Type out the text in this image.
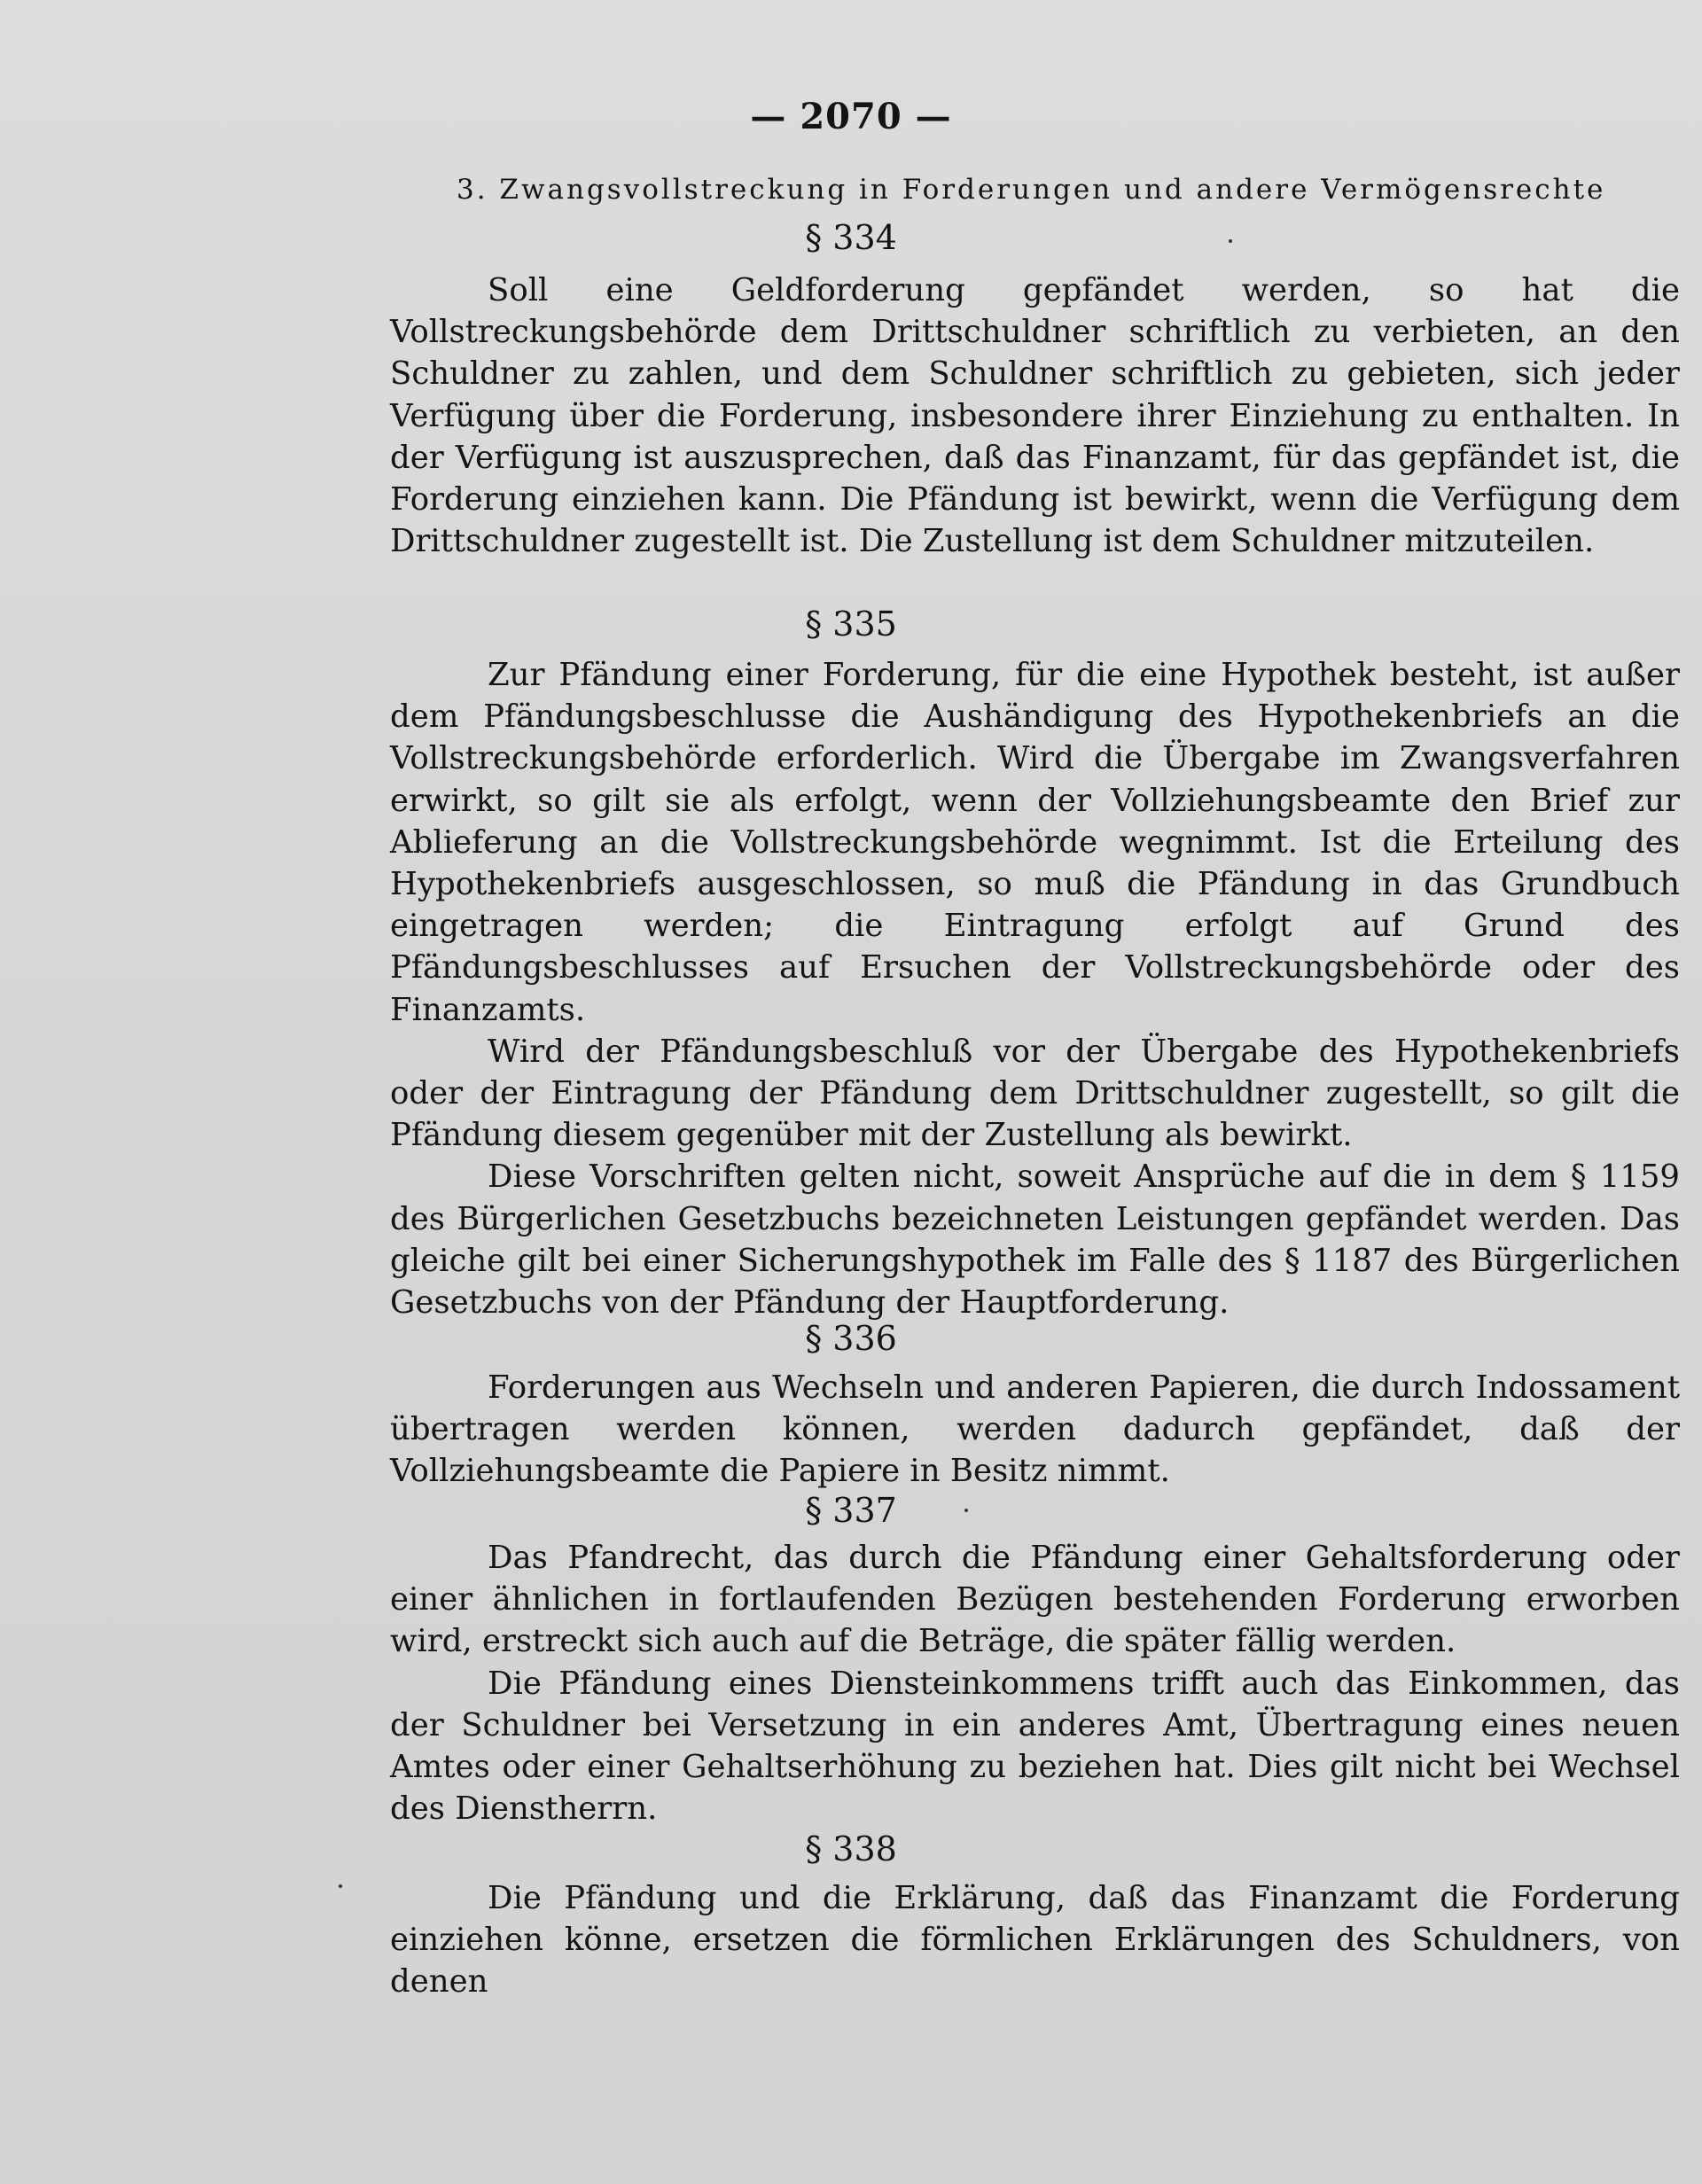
— 2070 —
3. Zwangsvollstreckung in Forderungen und andere Vermögensrechte
§ 334

Soll eine Geldforderung gepfändet werden, so hat die Vollstreckungsbehörde dem Drittschuldner schriftlich zu verbieten, an den Schuldner zu zahlen, und dem Schuldner schriftlich zu gebieten, sich jeder Verfügung über die Forderung, insbesondere ihrer Einziehung zu enthalten. In der Verfügung ist auszusprechen, daß das Finanzamt, für das gepfändet ist, die Forderung einziehen kann. Die Pfändung ist bewirkt, wenn die Verfügung dem Drittschuldner zugestellt ist. Die Zustellung ist dem Schuldner mitzuteilen.

§ 335

Zur Pfändung einer Forderung, für die eine Hypothek besteht, ist außer dem Pfändungsbeschlusse die Aushändigung des Hypothekenbriefs an die Vollstreckungsbehörde erforderlich. Wird die Übergabe im Zwangsverfahren erwirkt, so gilt sie als erfolgt, wenn der Vollziehungsbeamte den Brief zur Ablieferung an die Vollstreckungsbehörde wegnimmt. Ist die Erteilung des Hypothekenbriefs ausgeschlossen, so muß die Pfändung in das Grundbuch eingetragen werden; die Eintragung erfolgt auf Grund des Pfändungsbeschlusses auf Ersuchen der Vollstreckungsbehörde oder des Finanzamts.

Wird der Pfändungsbeschluß vor der Übergabe des Hypothekenbriefs oder der Eintragung der Pfändung dem Drittschuldner zugestellt, so gilt die Pfändung diesem gegenüber mit der Zustellung als bewirkt.

Diese Vorschriften gelten nicht, soweit Ansprüche auf die in dem § 1159 des Bürgerlichen Gesetzbuchs bezeichneten Leistungen gepfändet werden. Das gleiche gilt bei einer Sicherungshypothek im Falle des § 1187 des Bürgerlichen Gesetzbuchs von der Pfändung der Hauptforderung.

§ 336

Forderungen aus Wechseln und anderen Papieren, die durch Indossament übertragen werden können, werden dadurch gepfändet, daß der Vollziehungsbeamte die Papiere in Besitz nimmt.

§ 337

Das Pfandrecht, das durch die Pfändung einer Gehaltsforderung oder einer ähnlichen in fortlaufenden Bezügen bestehenden Forderung erworben wird, erstreckt sich auch auf die Beträge, die später fällig werden.

Die Pfändung eines Diensteinkommens trifft auch das Einkommen, das der Schuldner bei Versetzung in ein anderes Amt, Übertragung eines neuen Amtes oder einer Gehaltserhöhung zu beziehen hat. Dies gilt nicht bei Wechsel des Dienstherrn.

§ 338

Die Pfändung und die Erklärung, daß das Finanzamt die Forderung einziehen könne, ersetzen die förmlichen Erklärungen des Schuldners, von denen
